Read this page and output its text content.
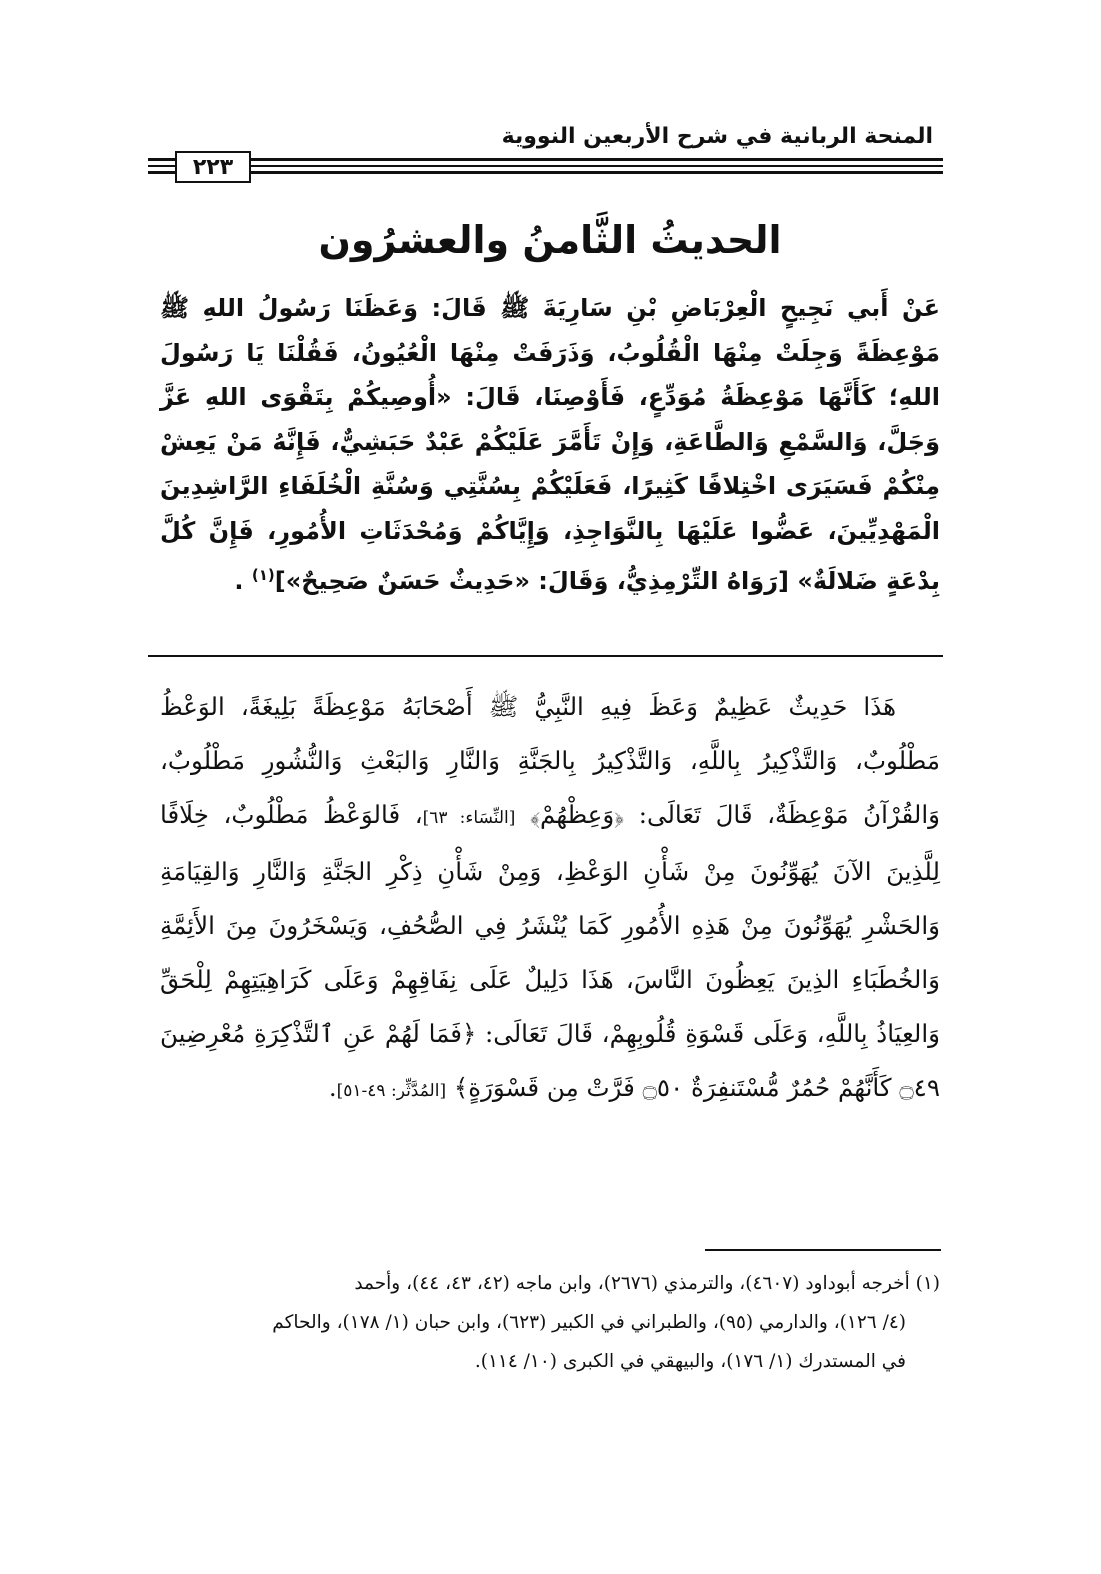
المنحة الربانية في شرح الأربعين النووية
٢٢٣
الحديثُ الثَّامنُ والعشرُون

عَنْ أَبي نَجِيحٍ الْعِرْبَاضِ بْنِ سَارِيَةَ ﷺ قَالَ: وَعَظَنَا رَسُولُ اللهِ ﷺ مَوْعِظَةً وَجِلَتْ مِنْهَا الْقُلُوبُ، وَذَرَفَتْ مِنْهَا الْعُيُونُ، فَقُلْنَا يَا رَسُولَ اللهِ؛ كَأَنَّهَا مَوْعِظَةُ مُوَدِّعٍ، فَأَوْصِنَا، قَالَ: «أُوصِيكُمْ بِتَقْوَى اللهِ عَزَّ وَجَلَّ، وَالسَّمْعِ وَالطَّاعَةِ، وَإِنْ تَأَمَّرَ عَلَيْكُمْ عَبْدٌ حَبَشِيٌّ، فَإِنَّهُ مَنْ يَعِشْ مِنْكُمْ فَسَيَرَى اخْتِلافًا كَثِيرًا، فَعَلَيْكُمْ بِسُنَّتِي وَسُنَّةِ الْخُلَفَاءِ الرَّاشِدِينَ الْمَهْدِيِّينَ، عَضُّوا عَلَيْهَا بِالنَّوَاجِذِ، وَإِيَّاكُمْ وَمُحْدَثَاتِ الأُمُورِ، فَإِنَّ كُلَّ بِدْعَةٍ ضَلالَةٌ» [رَوَاهُ التِّرْمِذِيُّ، وَقَالَ: «حَدِيثٌ حَسَنٌ صَحِيحٌ»]$^{(١)}$ .

هَذَا حَدِيثٌ عَظِيمٌ وَعَظَ فِيهِ النَّبِيُّ ﷺ أَصْحَابَهُ مَوْعِظَةً بَلِيغَةً، الوَعْظُ مَطْلُوبٌ، وَالتَّذْكِيرُ بِاللَّهِ، وَالتَّذْكِيرُ بِالجَنَّةِ وَالنَّارِ وَالبَعْثِ وَالنُّشُورِ مَطْلُوبٌ، وَالقُرْآنُ مَوْعِظَةٌ، قَالَ تَعَالَى: ﴿وَعِظْهُمْ﴾ [النِّسَاء: ٦٣]، فَالوَعْظُ مَطْلُوبٌ، خِلَافًا لِلَّذِينَ الآنَ يُهَوِّنُونَ مِنْ شَأْنِ الوَعْظِ، وَمِنْ شَأْنِ ذِكْرِ الجَنَّةِ وَالنَّارِ وَالقِيَامَةِ وَالحَشْرِ يُهَوِّنُونَ مِنْ هَذِهِ الأُمُورِ كَمَا يُنْشَرُ فِي الصُّحُفِ، وَيَسْخَرُونَ مِنَ الأَئِمَّةِ وَالخُطَبَاءِ الذِينَ يَعِظُونَ النَّاسَ، هَذَا دَلِيلٌ عَلَى نِفَاقِهِمْ وَعَلَى كَرَاهِيَتِهِمْ لِلْحَقِّ وَالعِيَاذُ بِاللَّهِ، وَعَلَى قَسْوَةِ قُلُوبِهِمْ، قَالَ تَعَالَى: ﴿فَمَا لَهُمْ عَنِ ٱلتَّذْكِرَةِ مُعْرِضِينَ ۝٤٩ كَأَنَّهُمْ حُمُرٌ مُّسْتَنفِرَةٌ ۝٥٠ فَرَّتْ مِن قَسْوَرَةٍ﴾ [المُدَّثِّر: ٤٩-٥١].

(١) أخرجه أبوداود (٤٦٠٧)، والترمذي (٢٦٧٦)، وابن ماجه (٤٢، ٤٣، ٤٤)، وأحمد
(٤/ ١٢٦)، والدارمي (٩٥)، والطبراني في الكبير (٦٢٣)، وابن حبان (١/ ١٧٨)، والحاكم
في المستدرك (١/ ١٧٦)، والبيهقي في الكبرى (١٠/ ١١٤).
